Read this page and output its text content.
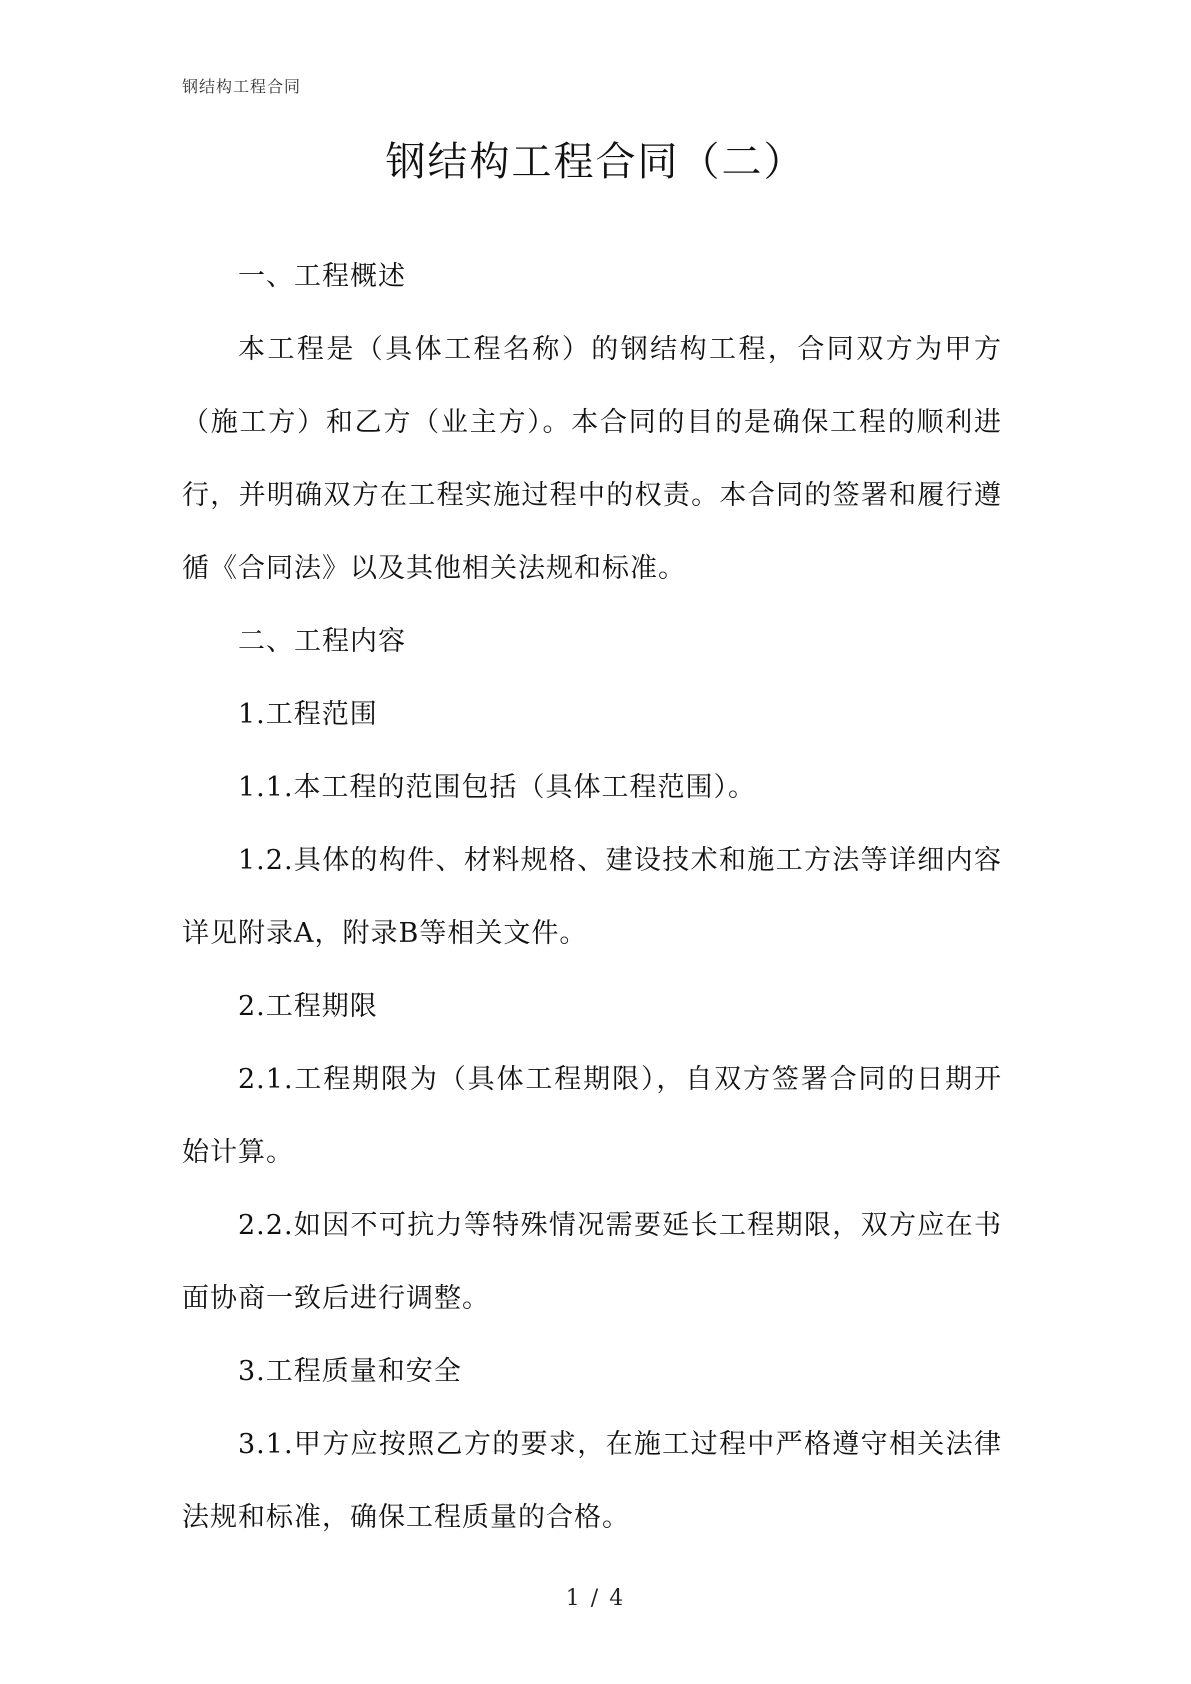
钢结构工程合同
钢结构工程合同（二）

一、工程概述

本工程是（具体工程名称）的钢结构工程，合同双方为甲方（施工方）和乙方（业主方）。本合同的目的是确保工程的顺利进行，并明确双方在工程实施过程中的权责。本合同的签署和履行遵循《合同法》以及其他相关法规和标准。

二、工程内容

1.工程范围

1.1.本工程的范围包括（具体工程范围）。

1.2.具体的构件、材料规格、建设技术和施工方法等详细内容详见附录A，附录B等相关文件。

2.工程期限

2.1.工程期限为（具体工程期限），自双方签署合同的日期开始计算。

2.2.如因不可抗力等特殊情况需要延长工程期限，双方应在书面协商一致后进行调整。

3.工程质量和安全

3.1.甲方应按照乙方的要求，在施工过程中严格遵守相关法律法规和标准，确保工程质量的合格。

1 / 4
